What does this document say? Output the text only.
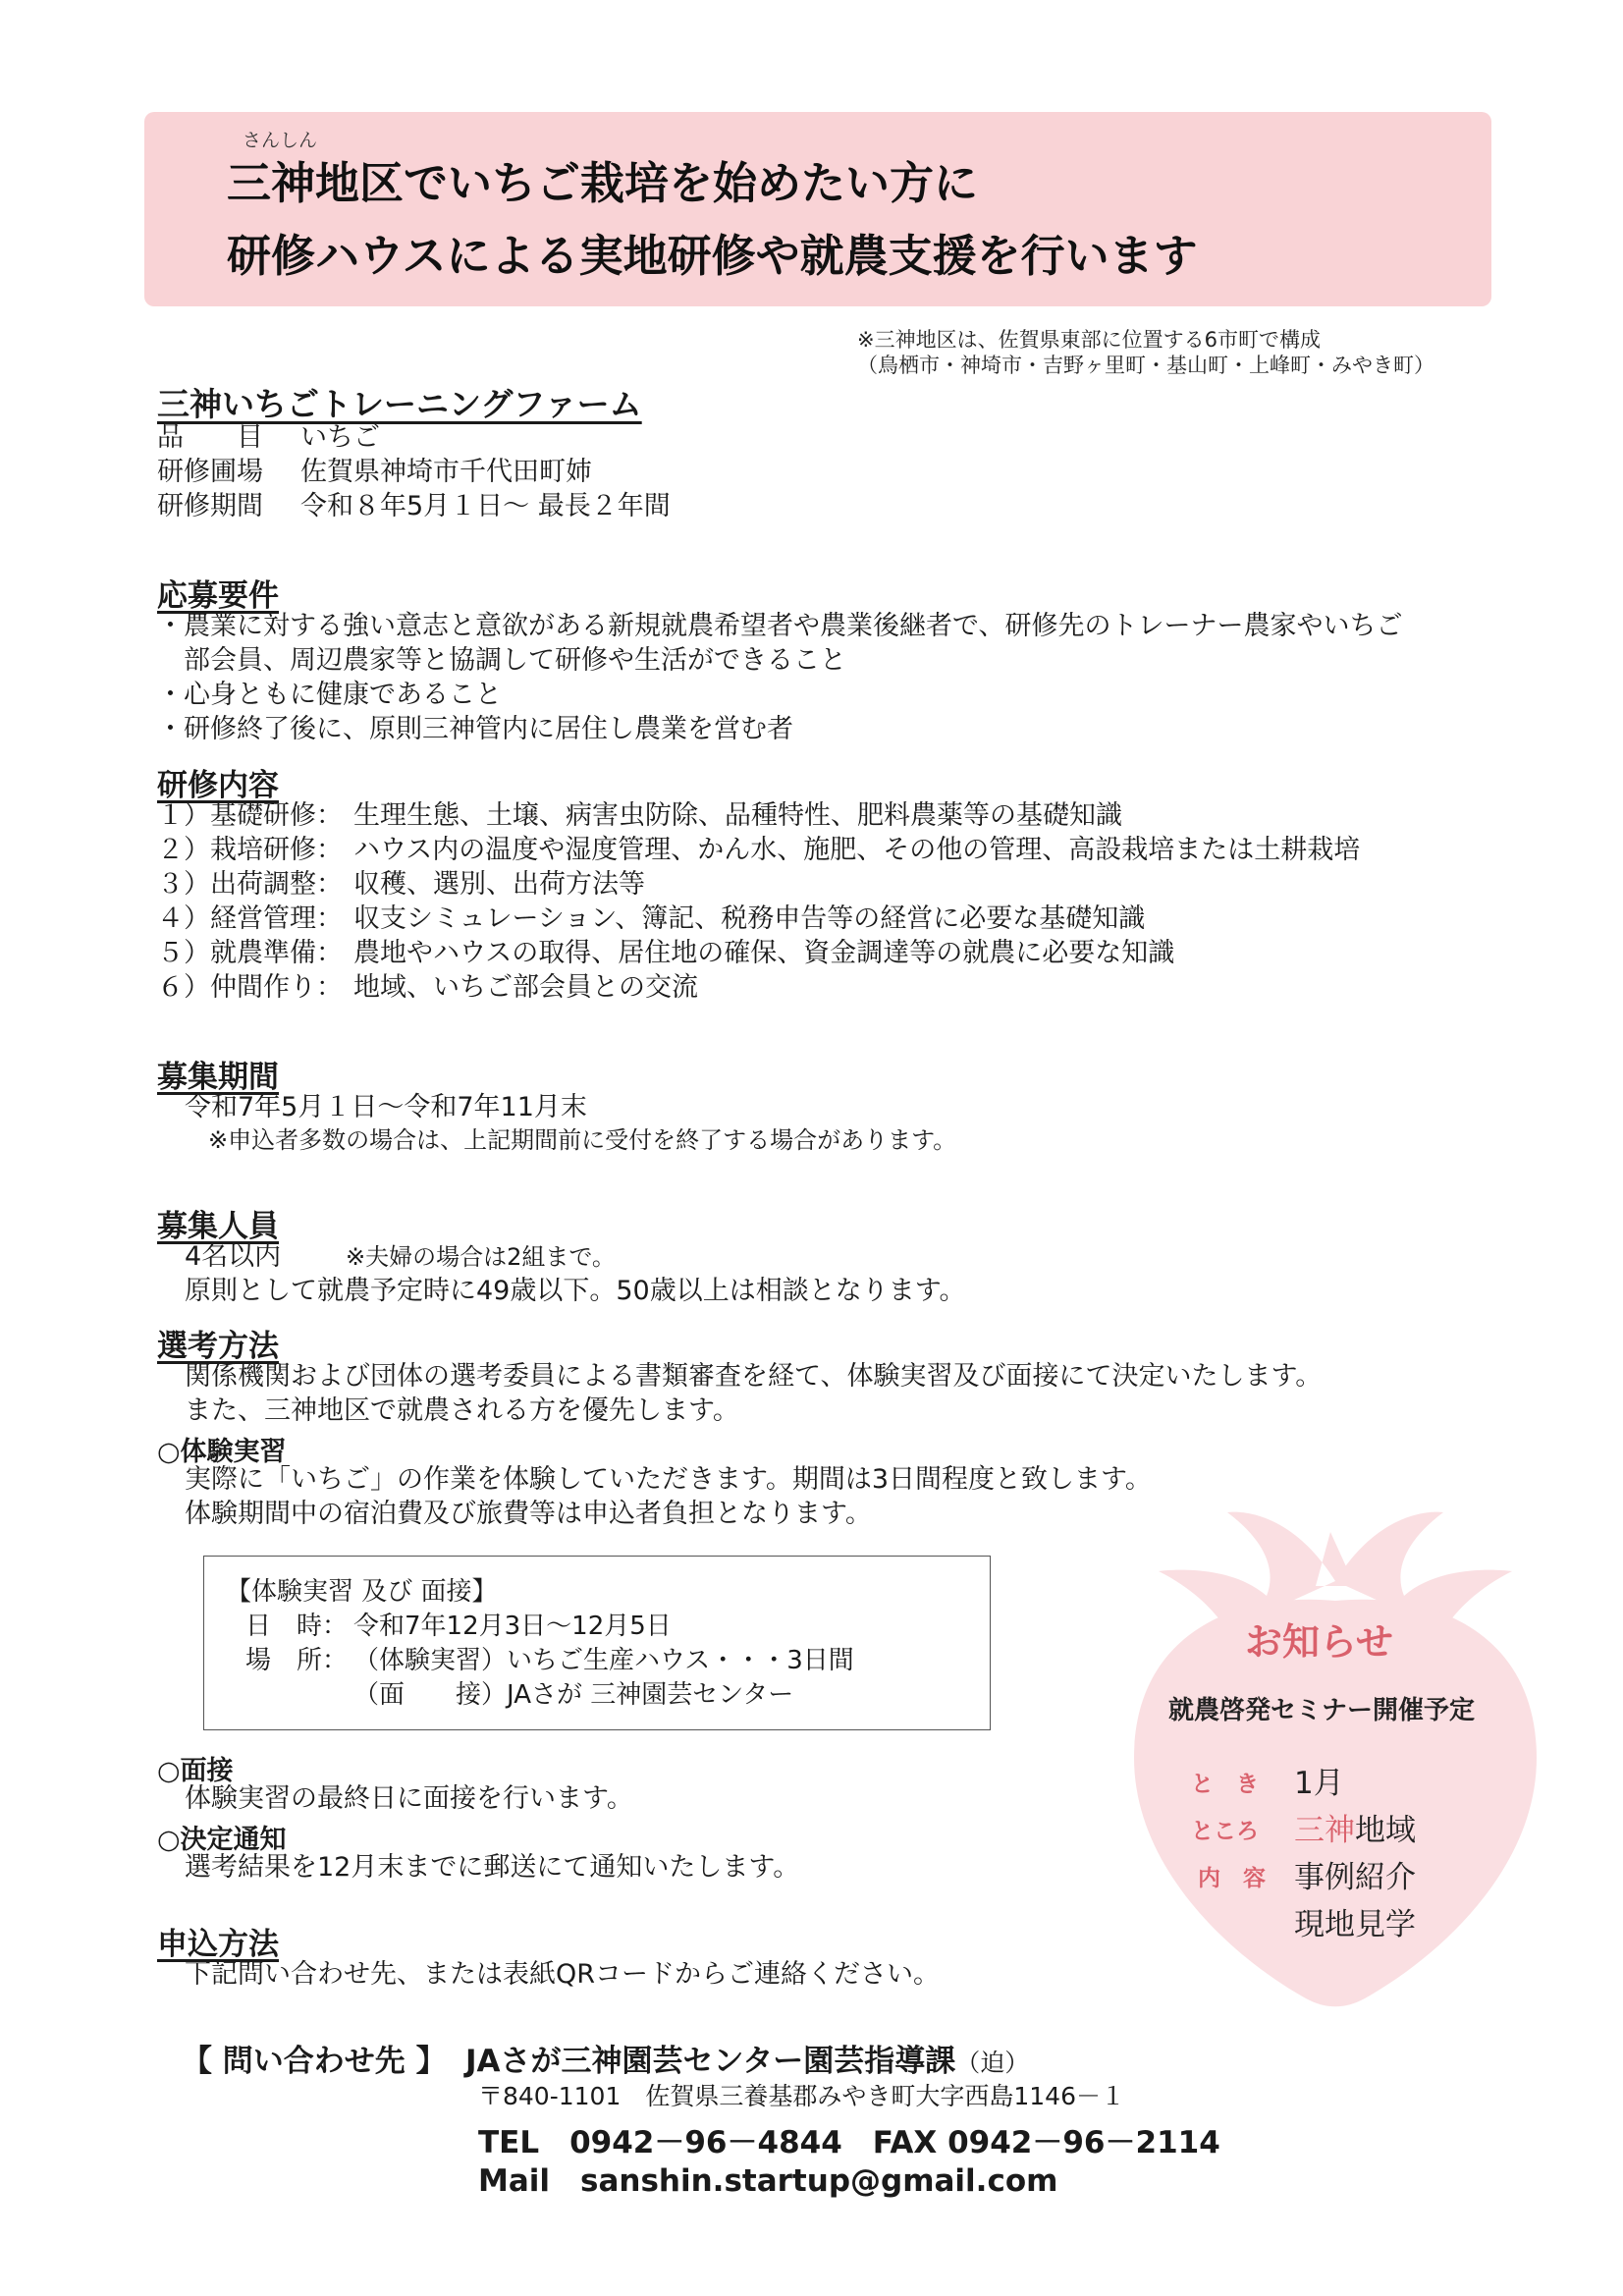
さんしん
三神地区でいちご栽培を始めたい方に
研修ハウスによる実地研修や就農支援を行います
※三神地区は、佐賀県東部に位置する6市町で構成
（鳥栖市・神埼市・吉野ヶ里町・基山町・上峰町・みやき町）
三神いちごトレーニングファーム
品　　目 いちご
研修圃場 佐賀県神埼市千代田町姉
研修期間 令和８年5月１日～ 最長２年間
応募要件
・農業に対する強い意志と意欲がある新規就農希望者や農業後継者で、研修先のトレーナー農家やいちご
　部会員、周辺農家等と協調して研修や生活ができること
・心身ともに健康であること
・研修終了後に、原則三神管内に居住し農業を営む者
研修内容
１）基礎研修： 生理生態、土壌、病害虫防除、品種特性、肥料農薬等の基礎知識
２）栽培研修： ハウス内の温度や湿度管理、かん水、施肥、その他の管理、高設栽培または土耕栽培
３）出荷調整： 収穫、選別、出荷方法等
４）経営管理： 収支シミュレーション、簿記、税務申告等の経営に必要な基礎知識
５）就農準備： 農地やハウスの取得、居住地の確保、資金調達等の就農に必要な知識
６）仲間作り： 地域、いちご部会員との交流
募集期間
令和7年5月１日～令和7年11月末
※申込者多数の場合は、上記期間前に受付を終了する場合があります。
募集人員
4名以内	※夫婦の場合は2組まで。
原則として就農予定時に49歳以下。50歳以上は相談となります。
選考方法
関係機関および団体の選考委員による書類審査を経て、体験実習及び面接にて決定いたします。
また、三神地区で就農される方を優先します。
○体験実習
実際に「いちご」の作業を体験していただきます。期間は3日間程度と致します。
体験期間中の宿泊費及び旅費等は申込者負担となります。
【体験実習 及び 面接】
日　時： 令和7年12月3日～12月5日
場　所： （体験実習）いちご生産ハウス・・・3日間
（面　　接）JAさが 三神園芸センター
○面接
体験実習の最終日に面接を行います。
○決定通知
選考結果を12月末までに郵送にて通知いたします。
申込方法
下記問い合わせ先、または表紙QRコードからご連絡ください。
【 問い合わせ先 】 JAさが三神園芸センター園芸指導課（迫）
〒840-1101　佐賀県三養基郡みやき町大字西島1146－１
TEL　0942－96－4844　FAX 0942－96－2114
Mail　sanshin.startup@gmail.com
お知らせ
就農啓発セミナー開催予定
と　き 1月
ところ 三神地域
内　容 事例紹介
現地見学
